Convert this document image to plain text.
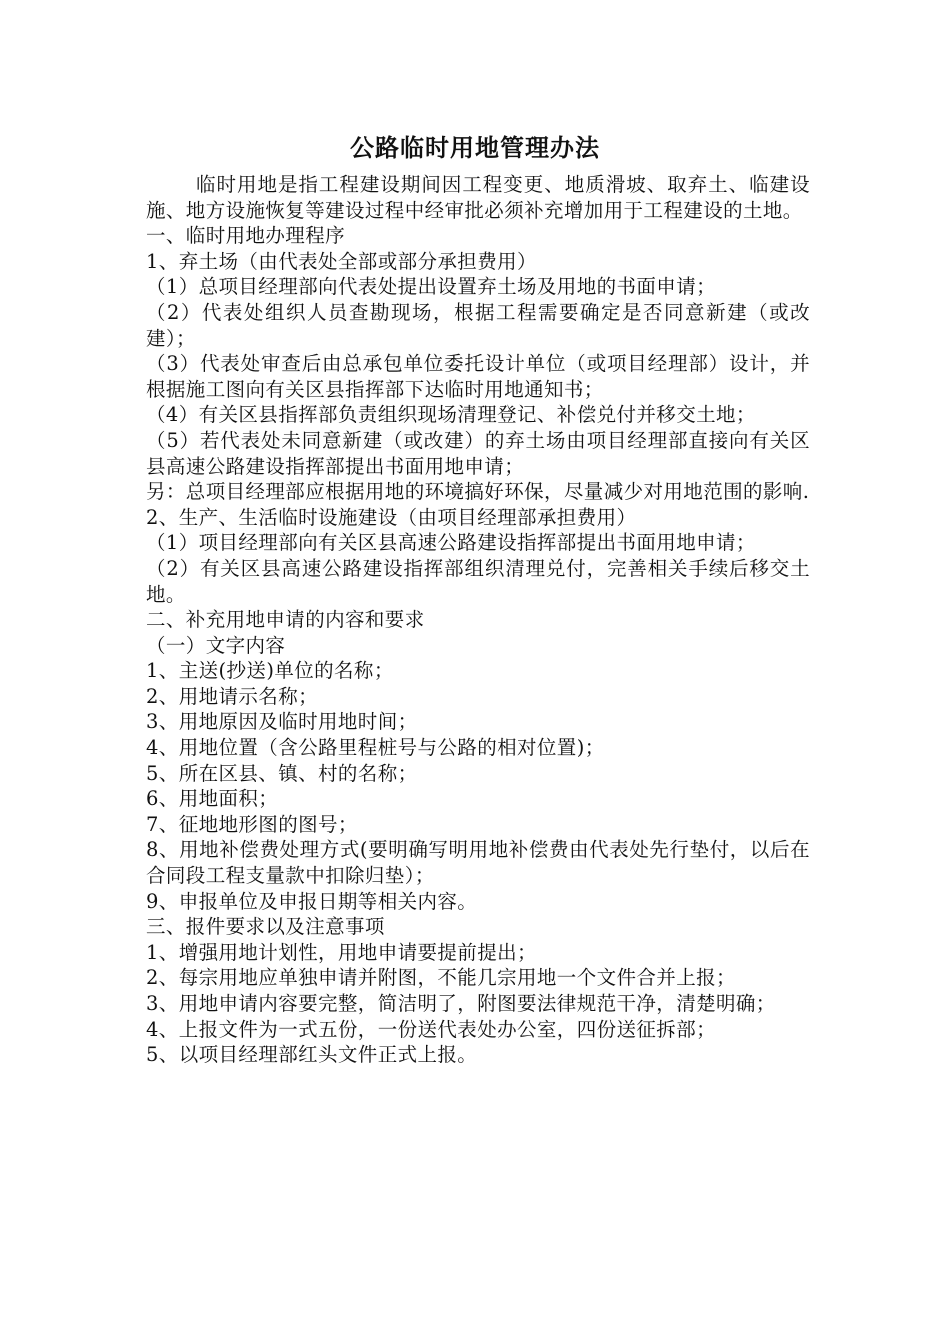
公路临时用地管理办法

临时用地是指工程建设期间因工程变更、地质滑坡、取弃土、临建设施、地方设施恢复等建设过程中经审批必须补充增加用于工程建设的土地。

一、临时用地办理程序

1、弃土场（由代表处全部或部分承担费用）

（1）总项目经理部向代表处提出设置弃土场及用地的书面申请；

（2）代表处组织人员查勘现场，根据工程需要确定是否同意新建（或改建）；

（3）代表处审查后由总承包单位委托设计单位（或项目经理部）设计，并根据施工图向有关区县指挥部下达临时用地通知书；

（4）有关区县指挥部负责组织现场清理登记、补偿兑付并移交土地；

（5）若代表处未同意新建（或改建）的弃土场由项目经理部直接向有关区县高速公路建设指挥部提出书面用地申请；

另：总项目经理部应根据用地的环境搞好环保，尽量减少对用地范围的影响.

2、生产、生活临时设施建设（由项目经理部承担费用）

（1）项目经理部向有关区县高速公路建设指挥部提出书面用地申请；

（2）有关区县高速公路建设指挥部组织清理兑付，完善相关手续后移交土地。

二、补充用地申请的内容和要求

（一）文字内容

1、主送(抄送)单位的名称；

2、用地请示名称；

3、用地原因及临时用地时间；

4、用地位置（含公路里程桩号与公路的相对位置)；

5、所在区县、镇、村的名称；

6、用地面积；

7、征地地形图的图号；

8、用地补偿费处理方式(要明确写明用地补偿费由代表处先行垫付，以后在合同段工程支量款中扣除归垫）；

9、申报单位及申报日期等相关内容。

三、报件要求以及注意事项

1、增强用地计划性，用地申请要提前提出；

2、每宗用地应单独申请并附图，不能几宗用地一个文件合并上报；

3、用地申请内容要完整，简洁明了，附图要法律规范干净，清楚明确；

4、上报文件为一式五份，一份送代表处办公室，四份送征拆部；

5、以项目经理部红头文件正式上报。
